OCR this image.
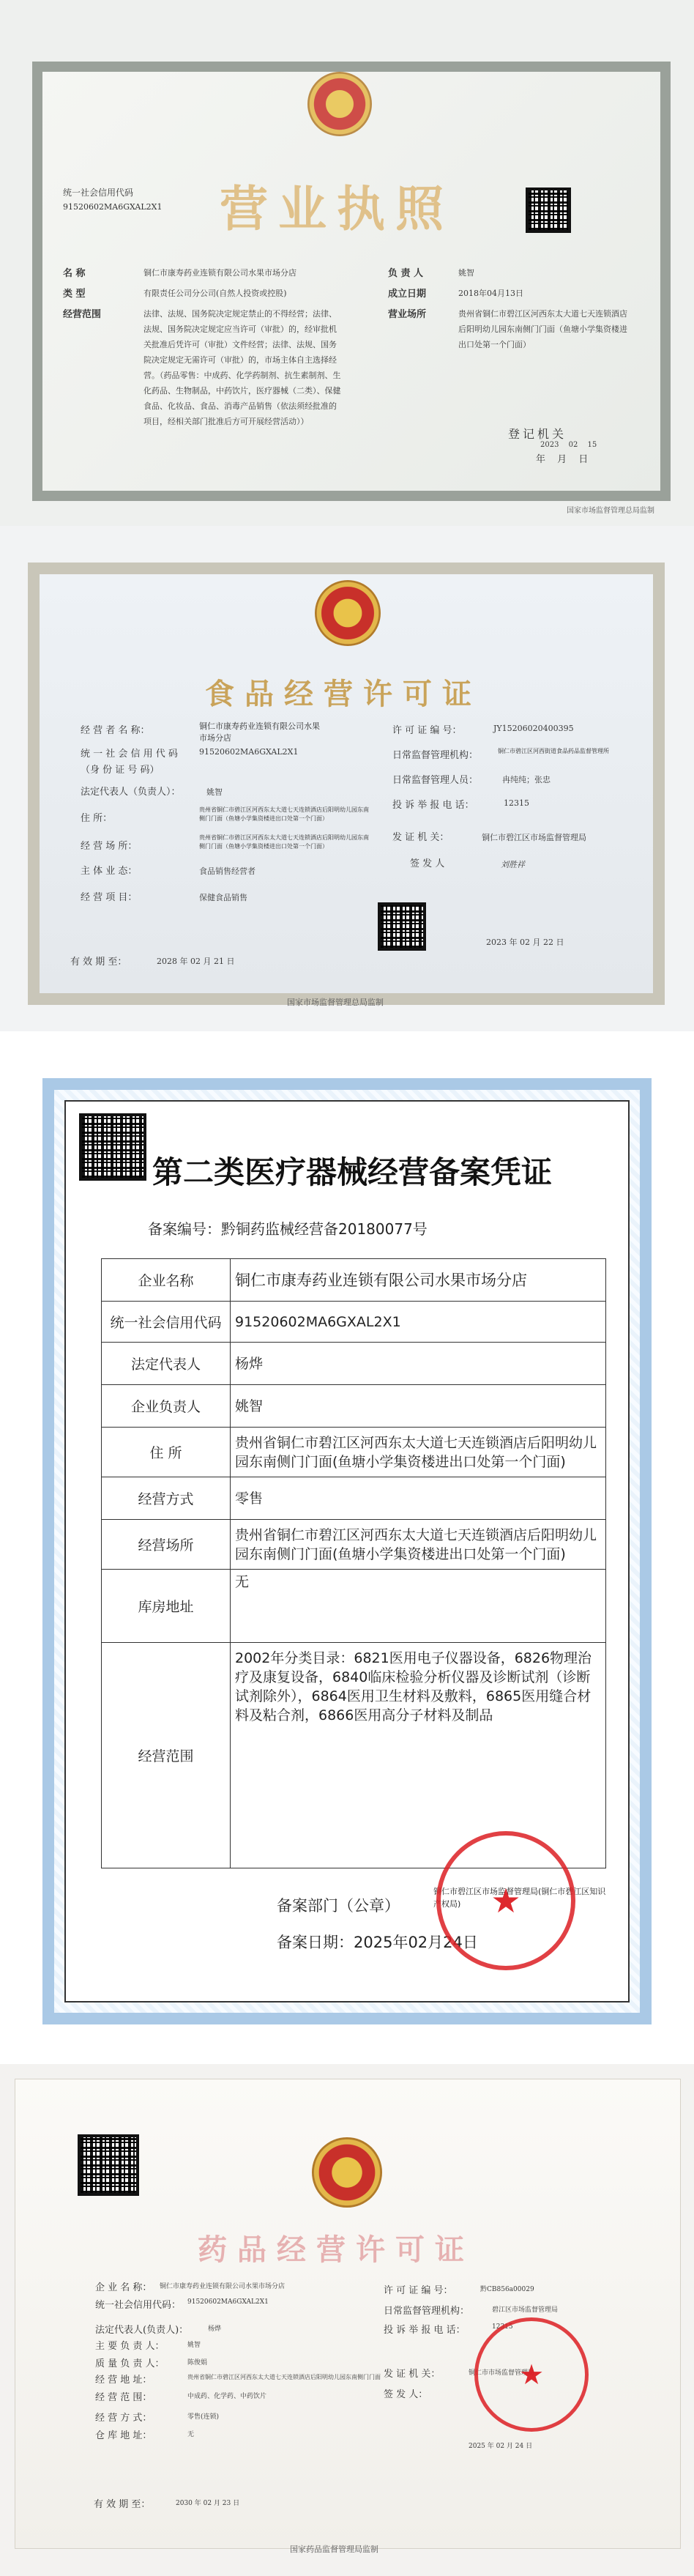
营业执照
统一社会信用代码
91520602MA6GXAL2X1
名 称	铜仁市康寿药业连锁有限公司水果市场分店
类 型	有限责任公司分公司(自然人投资或控股)
经营范围	法律、法规、国务院决定规定禁止的不得经营；法律、法规、国务院决定规定应当许可（审批）的，经审批机关批准后凭许可（审批）文件经营；法律、法规、国务院决定规定无需许可（审批）的，市场主体自主选择经营。（药品零售：中成药、化学药制剂、抗生素制剂、生化药品、生物制品，中药饮片，医疗器械（二类）、保健食品、化妆品、食品、消毒产品销售（依法须经批准的项目，经相关部门批准后方可开展经营活动））
负 责 人	姚智
成立日期	2018年04月13日
营业场所	贵州省铜仁市碧江区河西东太大道七天连锁酒店后阳明幼儿园东南侧门门面（鱼塘小学集资楼进出口处第一个门面）
登记机关
2023 02 15
年 月 日
国家市场监督管理总局监制
食品经营许可证
经 营 者 名 称：	铜仁市康寿药业连锁有限公司水果市场分店
统 一 社 会 信 用 代 码	91520602MA6GXAL2X1
（身 份 证 号 码）
法定代表人（负责人）：	姚智
住 所：
贵州省铜仁市碧江区河西东太大道七天连锁酒店后阳明幼儿园东南侧门门面（鱼塘小学集资楼进出口处第一个门面）
经 营 场 所：
贵州省铜仁市碧江区河西东太大道七天连锁酒店后阳明幼儿园东南侧门门面（鱼塘小学集资楼进出口处第一个门面）
主 体 业 态：	食品销售经营者
经 营 项 目：	保健食品销售
许 可 证 编 号：	JY15206020400395
日常监督管理机构：	铜仁市碧江区河西街道食品药品监督管理所
日常监督管理人员：	冉纯纯；张忠
投 诉 举 报 电 话：	12315
发 证 机 关：	铜仁市碧江区市场监督管理局
签 发 人	刘胜祥
2023 年 02 月 22 日
有 效 期 至：	2028 年 02 月 21 日
国家市场监督管理总局监制
第二类医疗器械经营备案凭证
备案编号：黔铜药监械经营备20180077号
企业名称	铜仁市康寿药业连锁有限公司水果市场分店
统一社会信用代码	91520602MA6GXAL2X1
法定代表人	杨烨
企业负责人	姚智
住 所	贵州省铜仁市碧江区河西东太大道七天连锁酒店后阳明幼儿园东南侧门门面(鱼塘小学集资楼进出口处第一个门面)
经营方式	零售
经营场所	贵州省铜仁市碧江区河西东太大道七天连锁酒店后阳明幼儿园东南侧门门面(鱼塘小学集资楼进出口处第一个门面)
库房地址	无
经营范围	2002年分类目录：6821医用电子仪器设备，6826物理治疗及康复设备，6840临床检验分析仪器及诊断试剂（诊断试剂除外），6864医用卫生材料及敷料，6865医用缝合材料及粘合剂，6866医用高分子材料及制品
备案部门（公章）
铜仁市碧江区市场监督管理局(铜仁市碧江区知识产权局)
备案日期：2025年02月24日
★
药品经营许可证
企 业 名 称： 铜仁市康寿药业连锁有限公司水果市场分店
统一社会信用代码： 91520602MA6GXAL2X1
法定代表人(负责人)：	杨烨
主 要 负 责 人：	姚智
质 量 负 责 人：	陈俊娟
经 营 地 址：	贵州省铜仁市碧江区河西东太大道七天连锁酒店后阳明幼儿园东南侧门门面
经 营 范 围：	中成药、化学药、中药饮片
经 营 方 式：	零售(连锁)
仓 库 地 址：	无
许 可 证 编 号：	黔CB856a00029
日常监督管理机构：	碧江区市场监督管理局
投 诉 举 报 电 话：	12315
发 证 机 关：	铜仁市市场监督管理局
签 发 人：
2025 年 02 月 24 日
★
有 效 期 至：	2030 年 02 月 23 日
国家药品监督管理局监制
